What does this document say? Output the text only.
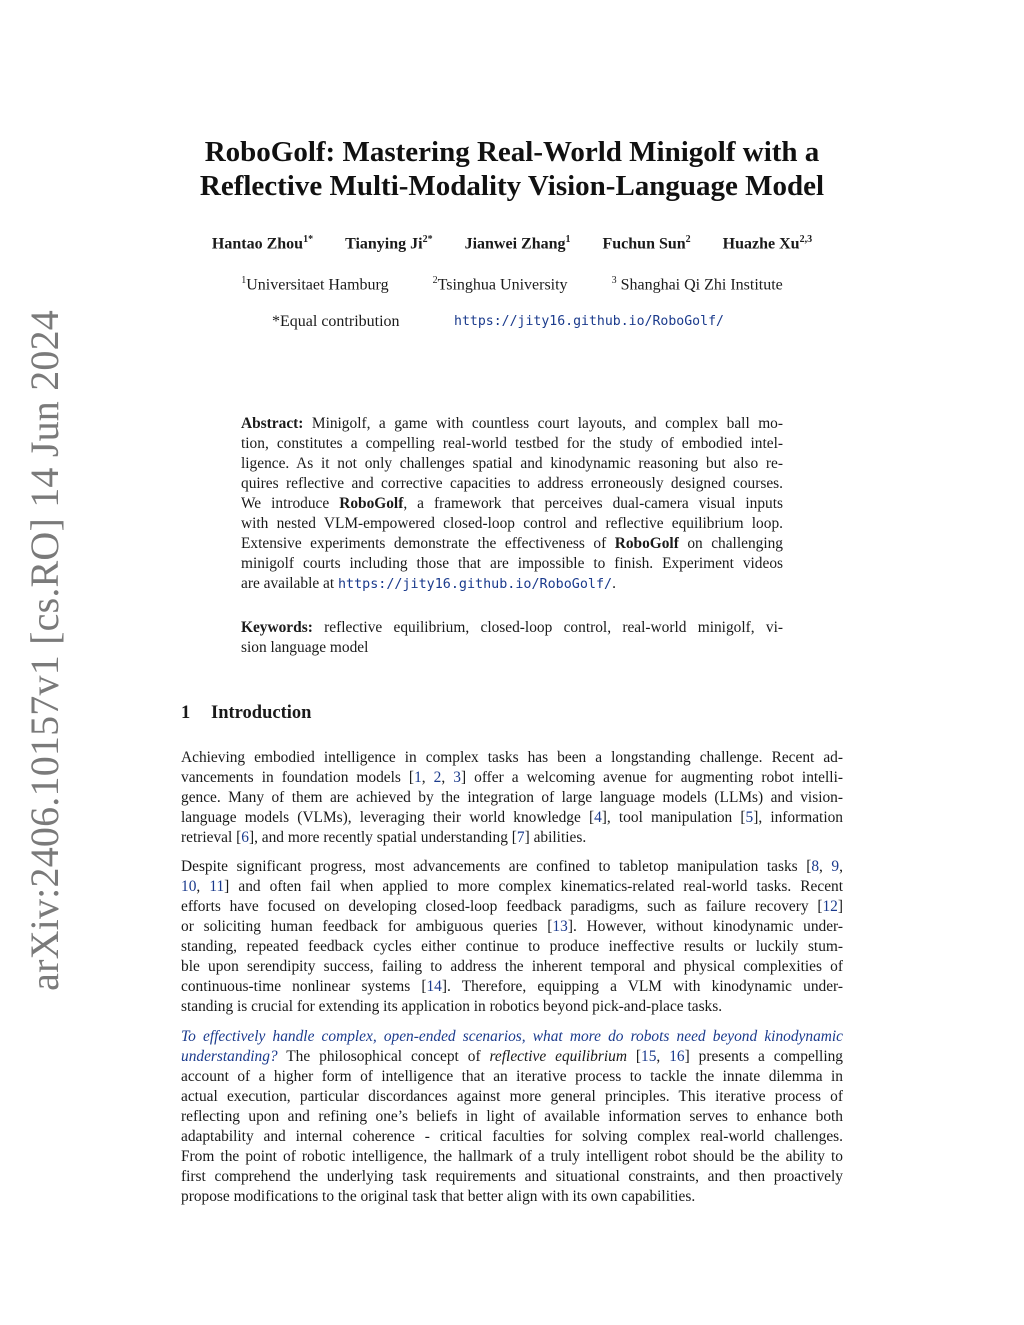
arXiv:2406.10157v1 [cs.RO] 14 Jun 2024
RoboGolf: Mastering Real-World Minigolf with a
Reflective Multi-Modality Vision-Language Model
Hantao Zhou$^{1*}$ Tianying $Ji^{2*}$ Jianwei Zhang$^1$ Fuchun Sun$^2$ Huazhe Xu$^{2,3}$
$^1$Universitaet Hamburg	$^2$Tsinghua University	$^3$ Shanghai Qi Zhi Institute
*Equal contribution	https://jity16.github.io/RoboGolf/
Abstract: Minigolf, a game with countless court layouts, and complex ball mo-
tion, constitutes a compelling real-world testbed for the study of embodied intel-
ligence. As it not only challenges spatial and kinodynamic reasoning but also re-
quires reflective and corrective capacities to address erroneously designed courses.
We introduce RoboGolf, a framework that perceives dual-camera visual inputs
with nested VLM-empowered closed-loop control and reflective equilibrium loop.
Extensive experiments demonstrate the effectiveness of RoboGolf on challenging
minigolf courts including those that are impossible to finish. Experiment videos
are available at https://jity16.github.io/RoboGolf/.
Keywords: reflective equilibrium, closed-loop control, real-world minigolf, vi-
sion language model
1 Introduction
Achieving embodied intelligence in complex tasks has been a longstanding challenge. Recent ad-
vancements in foundation models [1, 2, 3] offer a welcoming avenue for augmenting robot intelli-
gence. Many of them are achieved by the integration of large language models (LLMs) and vision-
language models (VLMs), leveraging their world knowledge [4], tool manipulation [5], information
retrieval [6], and more recently spatial understanding [7] abilities.
Despite significant progress, most advancements are confined to tabletop manipulation tasks [8, 9,
10, 11] and often fail when applied to more complex kinematics-related real-world tasks. Recent
efforts have focused on developing closed-loop feedback paradigms, such as failure recovery [12]
or soliciting human feedback for ambiguous queries [13]. However, without kinodynamic under-
standing, repeated feedback cycles either continue to produce ineffective results or luckily stum-
ble upon serendipity success, failing to address the inherent temporal and physical complexities of
continuous-time nonlinear systems [14]. Therefore, equipping a VLM with kinodynamic under-
standing is crucial for extending its application in robotics beyond pick-and-place tasks.
To effectively handle complex, open-ended scenarios, what more do robots need beyond kinodynamic
understanding? The philosophical concept of reflective equilibrium [15, 16] presents a compelling
account of a higher form of intelligence that an iterative process to tackle the innate dilemma in
actual execution, particular discordances against more general principles. This iterative process of
reflecting upon and refining one’s beliefs in light of available information serves to enhance both
adaptability and internal coherence - critical faculties for solving complex real-world challenges.
From the point of robotic intelligence, the hallmark of a truly intelligent robot should be the ability to
first comprehend the underlying task requirements and situational constraints, and then proactively
propose modifications to the original task that better align with its own capabilities.
